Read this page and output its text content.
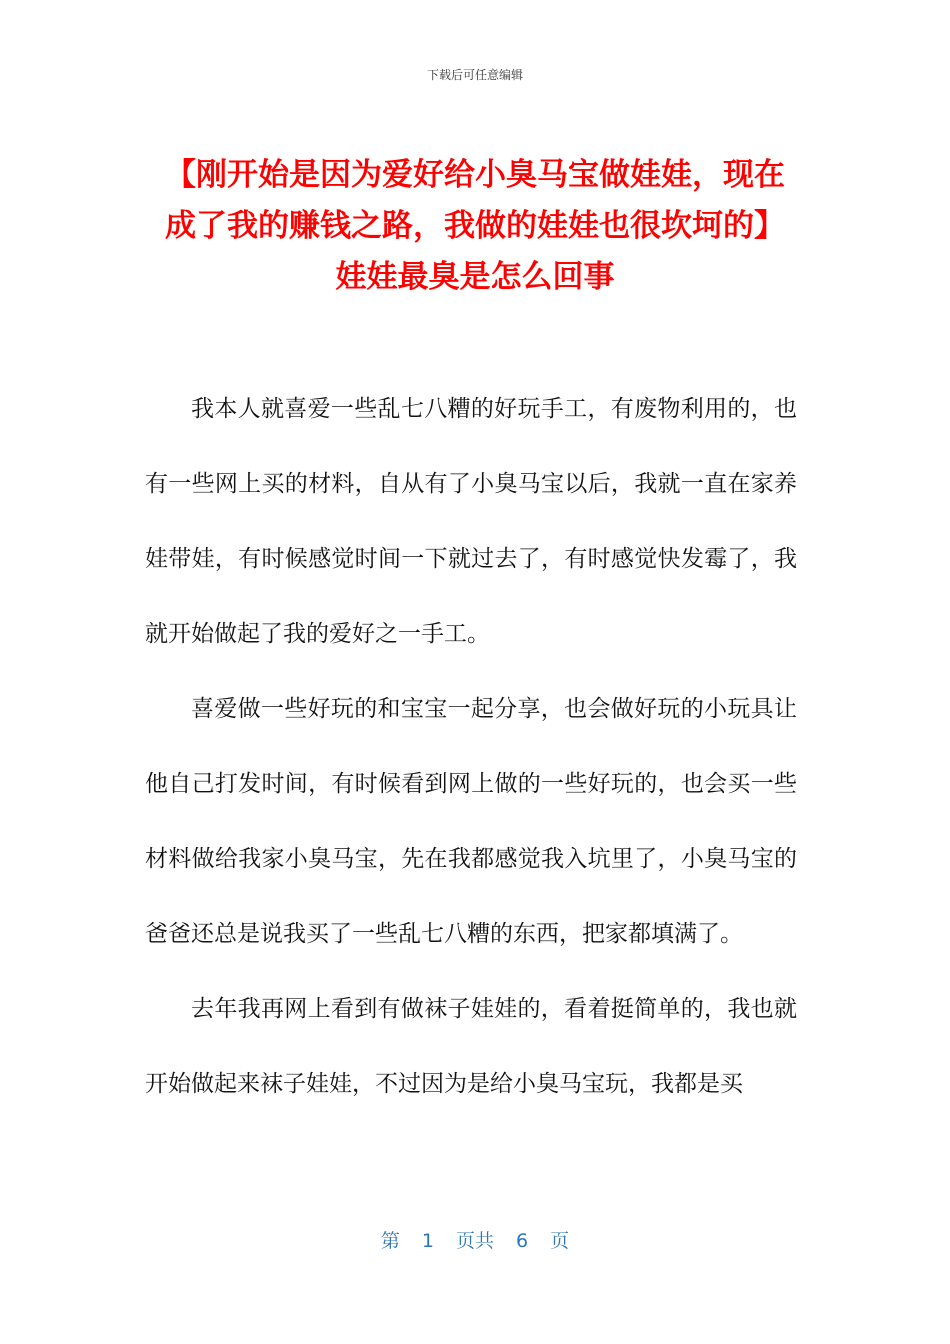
下载后可任意编辑
【刚开始是因为爱好给小臭马宝做娃娃，现在成了我的赚钱之路，我做的娃娃也很坎坷的】娃娃最臭是怎么回事

我本人就喜爱一些乱七八糟的好玩手工，有废物利用的，也有一些网上买的材料，自从有了小臭马宝以后，我就一直在家养娃带娃，有时候感觉时间一下就过去了，有时感觉快发霉了，我就开始做起了我的爱好之一手工。

喜爱做一些好玩的和宝宝一起分享，也会做好玩的小玩具让他自己打发时间，有时候看到网上做的一些好玩的，也会买一些材料做给我家小臭马宝，先在我都感觉我入坑里了，小臭马宝的爸爸还总是说我买了一些乱七八糟的东西，把家都填满了。

去年我再网上看到有做袜子娃娃的，看着挺简单的，我也就开始做起来袜子娃娃，不过因为是给小臭马宝玩，我都是买

第 1 页共 6 页
